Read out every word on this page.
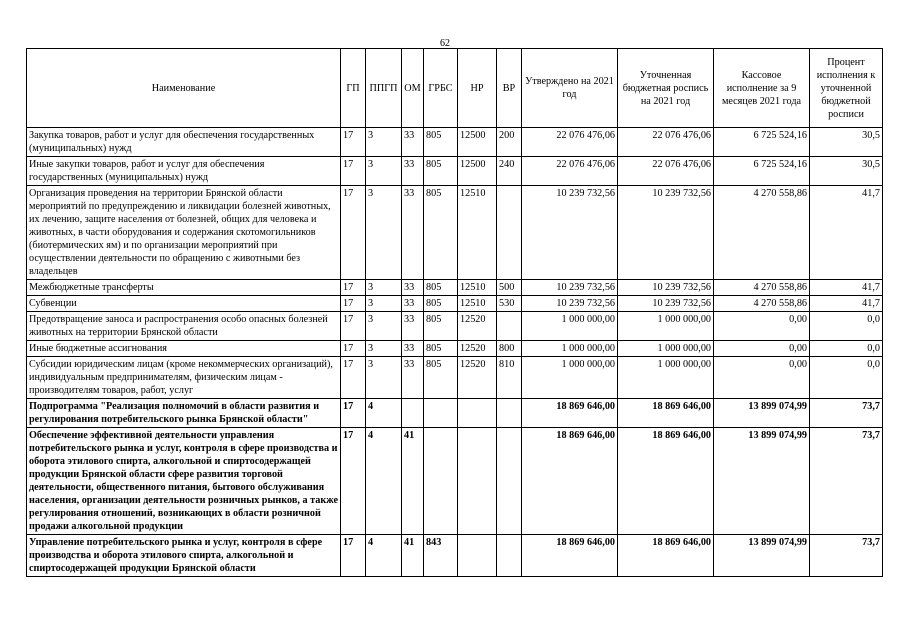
62
Наименование	ГП	ППГП	ОМ	ГРБС	НР	ВР	Утверждено на 2021 год	Уточненная бюджетная роспись на 2021 год	Кассовое исполнение за 9 месяцев 2021 года	Процент исполнения к уточненной бюджетной росписи
Закупка товаров, работ и услуг для обеспечения государственных (муниципальных) нужд	17	3	33	805	12500	200	22 076 476,06	22 076 476,06	6 725 524,16	30,5
Иные закупки товаров, работ и услуг для обеспечения государственных (муниципальных) нужд	17	3	33	805	12500	240	22 076 476,06	22 076 476,06	6 725 524,16	30,5
Организация проведения на территории Брянской области мероприятий по предупреждению и ликвидации болезней животных, их лечению, защите населения от болезней, общих для человека и животных, в части оборудования и содержания скотомогильников (биотермических ям) и по организации мероприятий при осуществлении деятельности по обращению с животными без владельцев	17	3	33	805	12510		10 239 732,56	10 239 732,56	4 270 558,86	41,7
Межбюджетные трансферты	17	3	33	805	12510	500	10 239 732,56	10 239 732,56	4 270 558,86	41,7
Субвенции	17	3	33	805	12510	530	10 239 732,56	10 239 732,56	4 270 558,86	41,7
Предотвращение заноса и распространения особо опасных болезней животных на территории Брянской области	17	3	33	805	12520		1 000 000,00	1 000 000,00	0,00	0,0
Иные бюджетные ассигнования	17	3	33	805	12520	800	1 000 000,00	1 000 000,00	0,00	0,0
Субсидии юридическим лицам (кроме некоммерческих организаций), индивидуальным предпринимателям, физическим лицам - производителям товаров, работ, услуг	17	3	33	805	12520	810	1 000 000,00	1 000 000,00	0,00	0,0
Подпрограмма "Реализация полномочий в области развития и регулирования потребительского рынка Брянской области"	17	4					18 869 646,00	18 869 646,00	13 899 074,99	73,7
Обеспечение эффективной деятельности управления потребительского рынка и услуг, контроля в сфере производства и оборота этилового спирта, алкогольной и спиртосодержащей продукции Брянской области сфере развития торговой деятельности, общественного питания, бытового обслуживания населения, организации деятельности розничных рынков, а также регулирования отношений, возникающих в области розничной продажи алкогольной продукции	17	4	41				18 869 646,00	18 869 646,00	13 899 074,99	73,7
Управление потребительского рынка и услуг, контроля в сфере производства и оборота этилового спирта, алкогольной и спиртосодержащей продукции Брянской области	17	4	41	843			18 869 646,00	18 869 646,00	13 899 074,99	73,7
